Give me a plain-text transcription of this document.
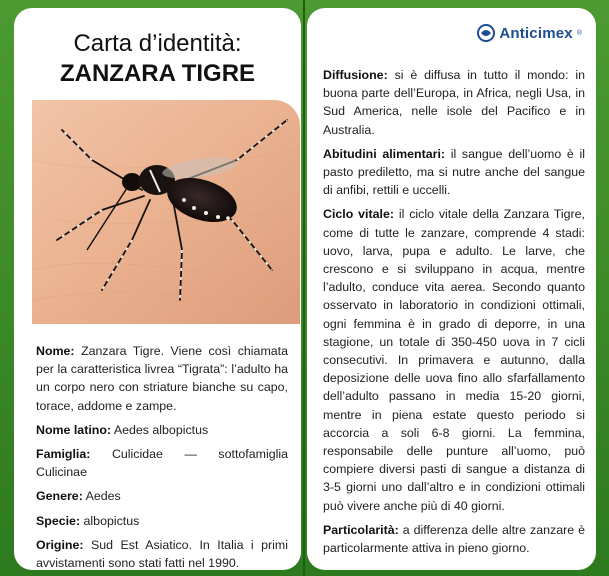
Carta d’identità:
ZANZARA TIGRE

Nome: Zanzara Tigre. Viene così chiamata per la caratteristica livrea “Tigrata”: l’adulto ha un corpo nero con striature bianche su capo, torace, addome e zampe.

Nome latino: Aedes albopictus

Famiglia: Culicidae — sottofamiglia Culicinae

Genere: Aedes

Specie: albopictus

Origine: Sud Est Asiatico. In Italia i primi avvistamenti sono stati fatti nel 1990.

Anticimex ®

Diffusione: si è diffusa in tutto il mondo: in buona parte dell’Europa, in Africa, negli Usa, in Sud America, nelle isole del Pacifico e in Australia.

Abitudini alimentari: il sangue dell’uomo è il pasto prediletto, ma si nutre anche del sangue di anfibi, rettili e uccelli.

Ciclo vitale: il ciclo vitale della Zanzara Tigre, come di tutte le zanzare, comprende 4 stadi: uovo, larva, pupa e adulto. Le larve, che crescono e si sviluppano in acqua, mentre l’adulto, conduce vita aerea. Secondo quanto osservato in laboratorio in condizioni ottimali, ogni femmina è in grado di deporre, in una stagione, un totale di 350-450 uova in 7 cicli consecutivi. In primavera e autunno, dalla deposizione delle uova fino allo sfarfallamento dell’adulto passano in media 15-20 giorni, mentre in piena estate questo periodo si accorcia a soli 6-8 giorni. La femmina, responsabile delle punture all’uomo, può compiere diversi pasti di sangue a distanza di 3-5 giorni uno dall’altro e in condizioni ottimali può vivere anche più di 40 giorni.

Particolarità: a differenza delle altre zanzare è particolarmente attiva in pieno giorno.
